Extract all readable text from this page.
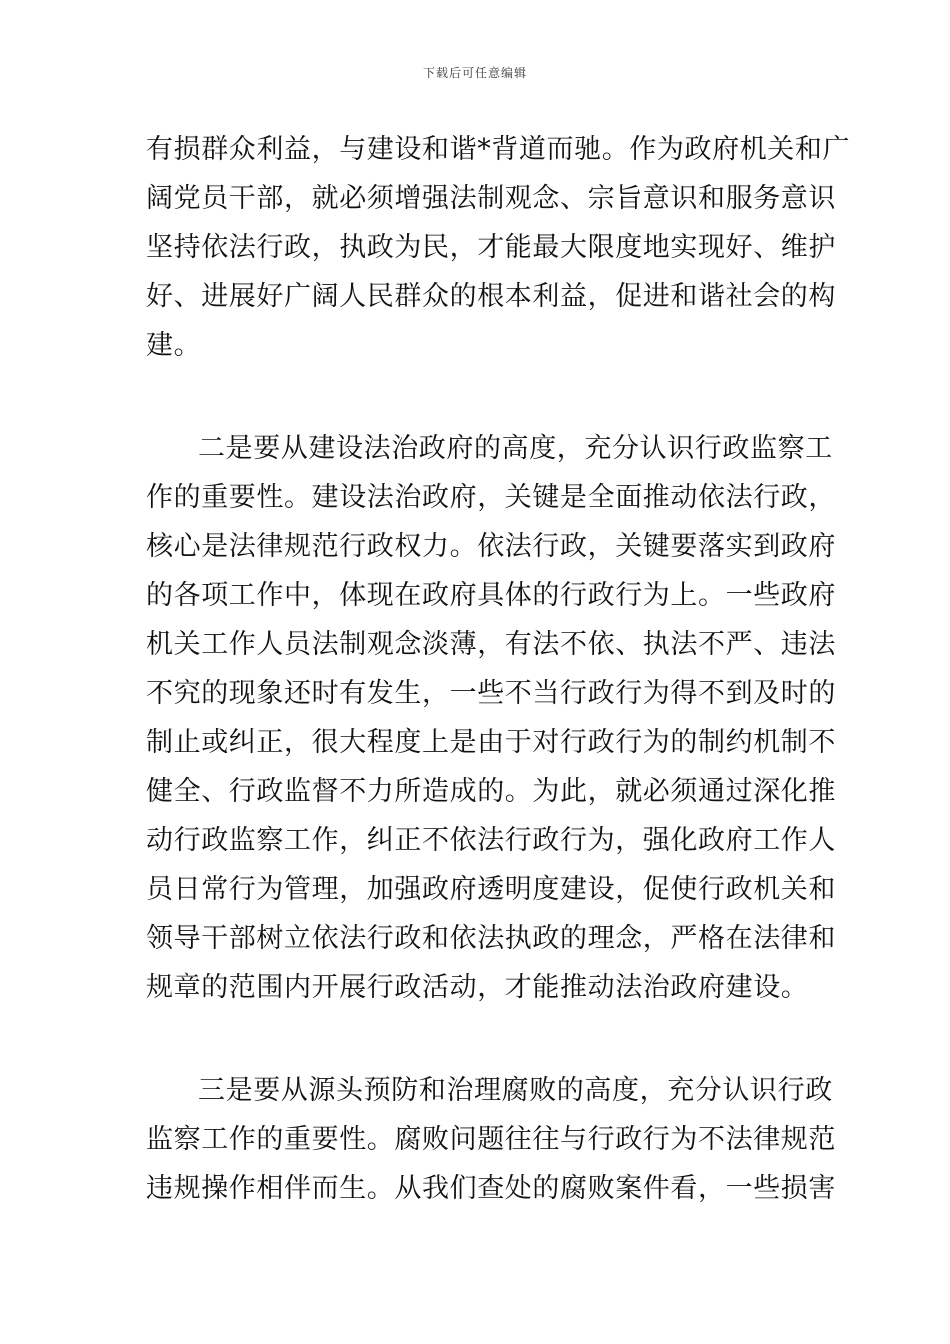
下载后可任意编辑
有损群众利益，与建设和谐*背道而驰。作为政府机关和广
阔党员干部，就必须增强法制观念、宗旨意识和服务意识
坚持依法行政，执政为民，才能最大限度地实现好、维护
好、进展好广阔人民群众的根本利益，促进和谐社会的构
建。
二是要从建设法治政府的高度，充分认识行政监察工
作的重要性。建设法治政府，关键是全面推动依法行政，
核心是法律规范行政权力。依法行政，关键要落实到政府
的各项工作中，体现在政府具体的行政行为上。一些政府
机关工作人员法制观念淡薄，有法不依、执法不严、违法
不究的现象还时有发生，一些不当行政行为得不到及时的
制止或纠正，很大程度上是由于对行政行为的制约机制不
健全、行政监督不力所造成的。为此，就必须通过深化推
动行政监察工作，纠正不依法行政行为，强化政府工作人
员日常行为管理，加强政府透明度建设，促使行政机关和
领导干部树立依法行政和依法执政的理念，严格在法律和
规章的范围内开展行政活动，才能推动法治政府建设。
三是要从源头预防和治理腐败的高度，充分认识行政
监察工作的重要性。腐败问题往往与行政行为不法律规范
违规操作相伴而生。从我们查处的腐败案件看，一些损害
